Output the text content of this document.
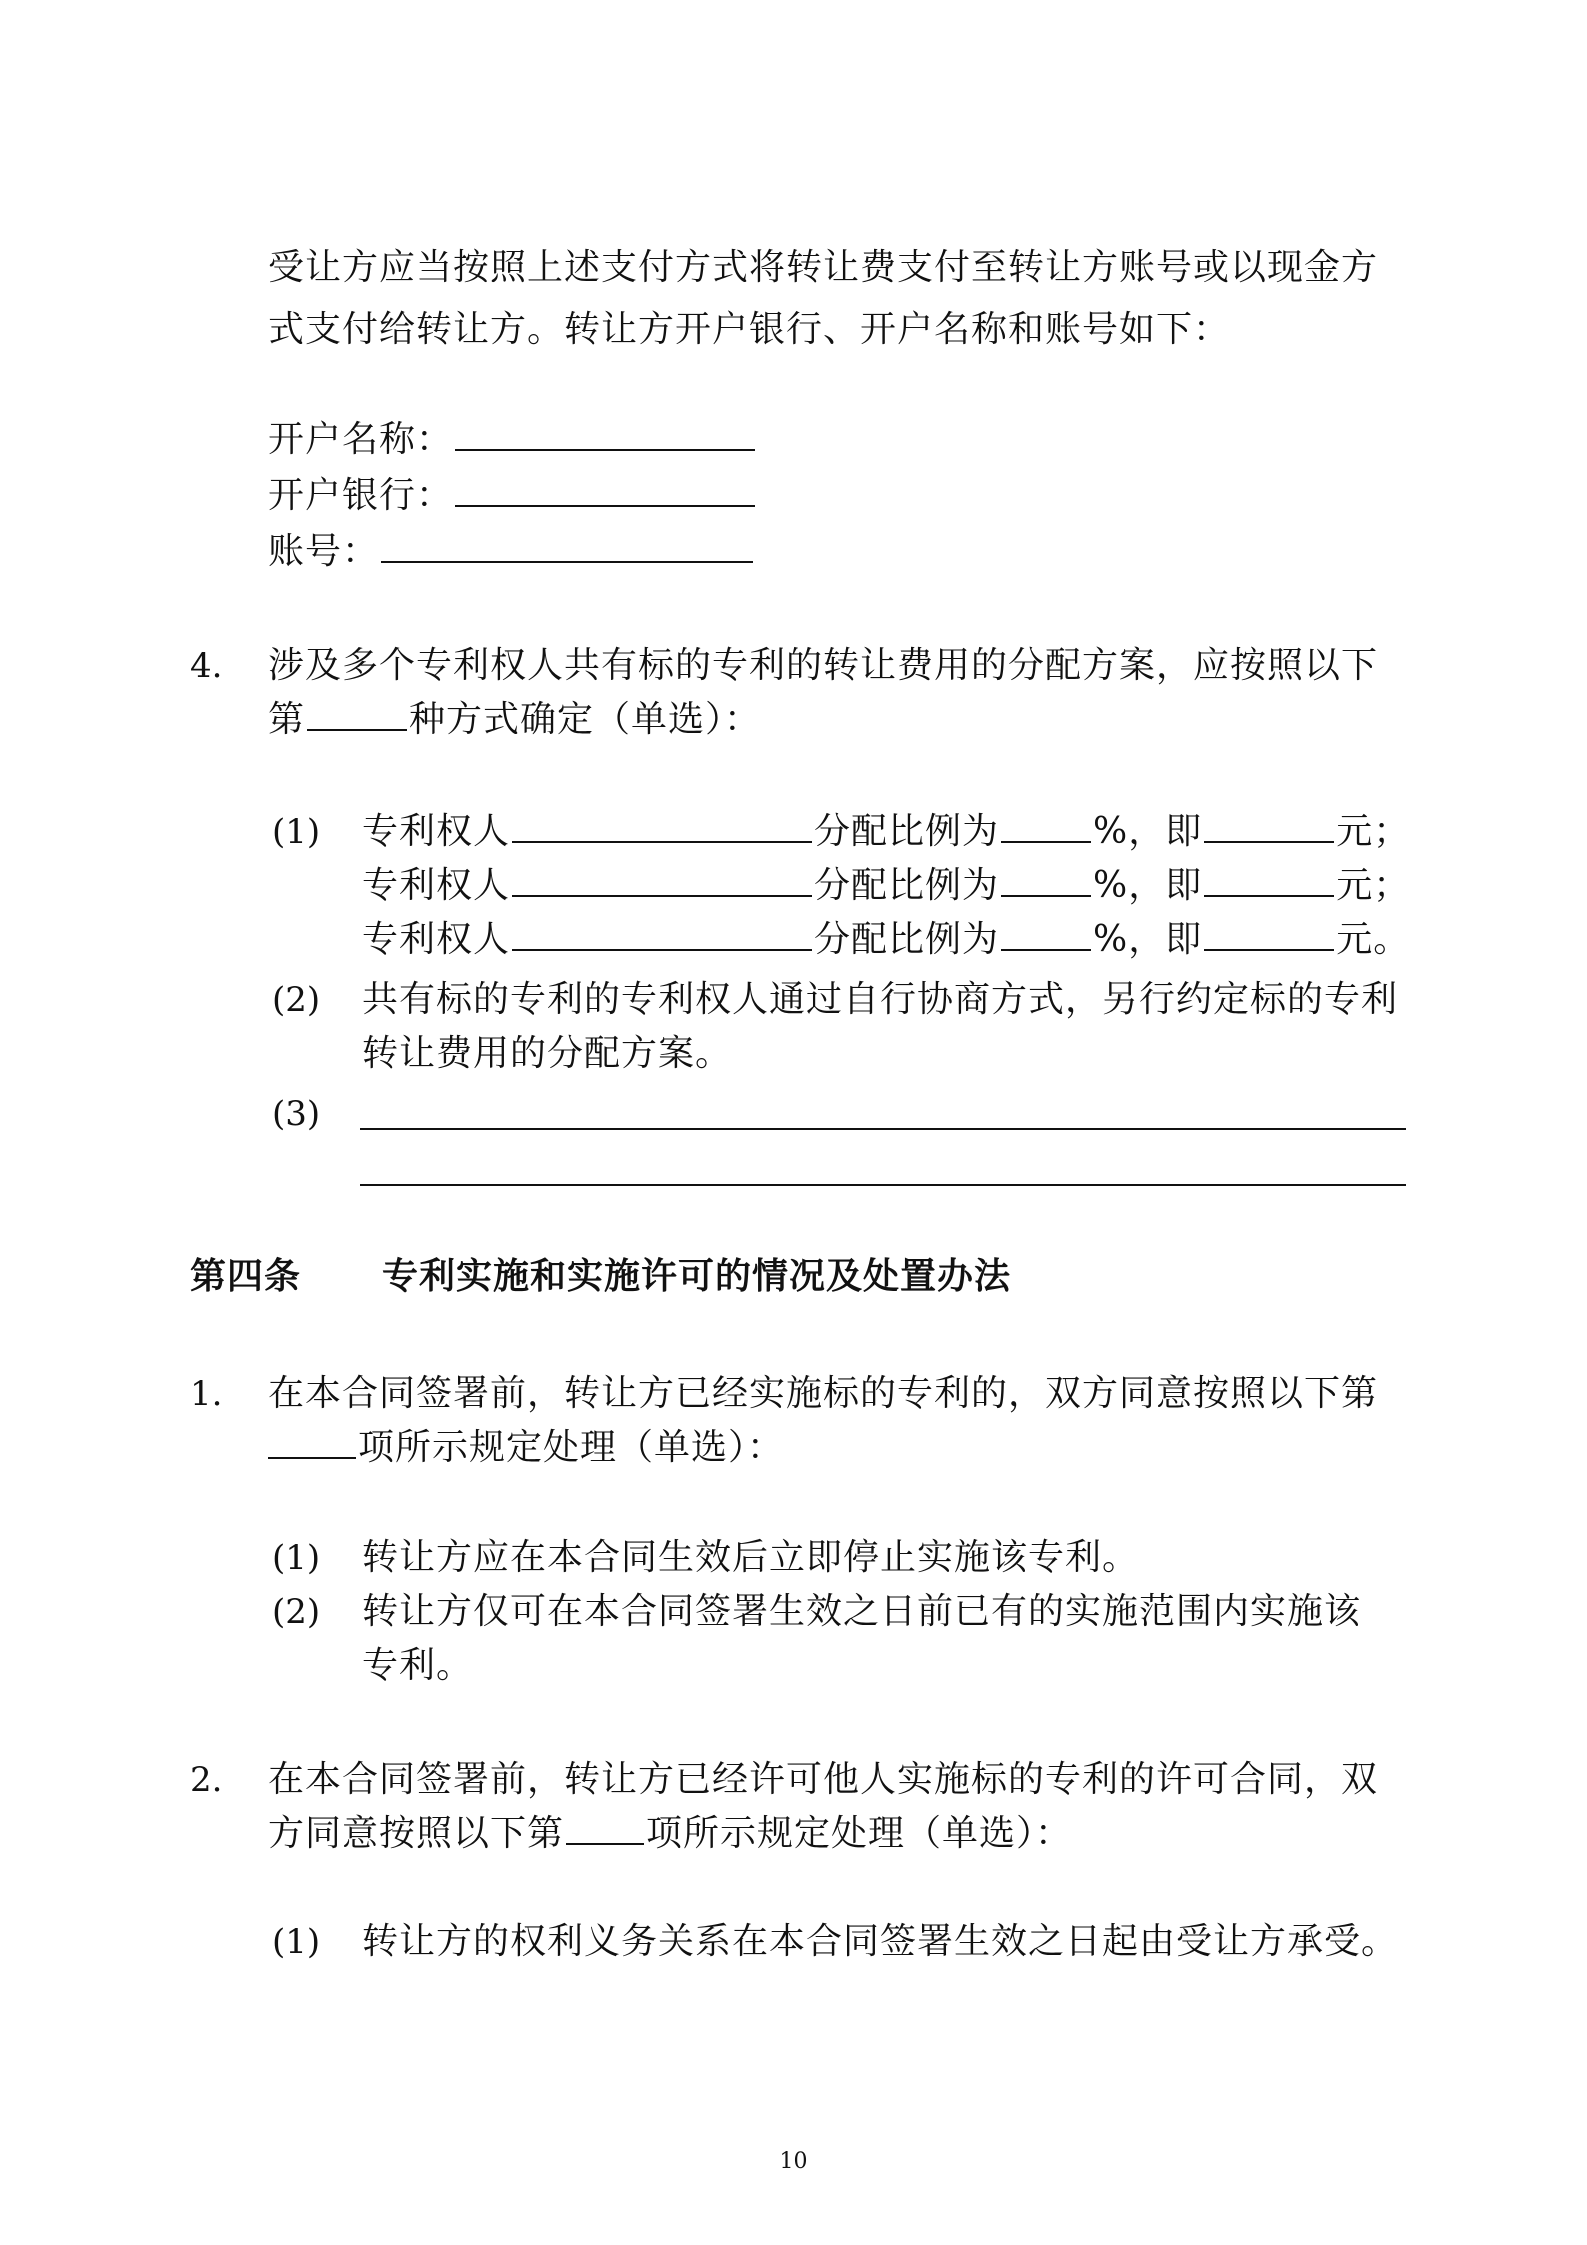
受让方应当按照上述支付方式将转让费支付至转让方账号或以现金方
式支付给转让方。转让方开户银行、开户名称和账号如下：
开户名称：
开户银行：
账号：
4. 涉及多个专利权人共有标的专利的转让费用的分配方案，应按照以下
第	种方式确定（单选）：
(1) 专利权人	分配比例为	%，即	元；
专利权人	分配比例为	%，即	元；
专利权人	分配比例为	%，即	元。
(2) 共有标的专利的专利权人通过自行协商方式，另行约定标的专利
转让费用的分配方案。
(3)
第四条 专利实施和实施许可的情况及处置办法
1. 在本合同签署前，转让方已经实施标的专利的，双方同意按照以下第
项所示规定处理（单选）：
(1) 转让方应在本合同生效后立即停止实施该专利。
(2) 转让方仅可在本合同签署生效之日前已有的实施范围内实施该
专利。
2. 在本合同签署前，转让方已经许可他人实施标的专利的许可合同，双
方同意按照以下第 项所示规定处理（单选）：
(1) 转让方的权利义务关系在本合同签署生效之日起由受让方承受。
10
